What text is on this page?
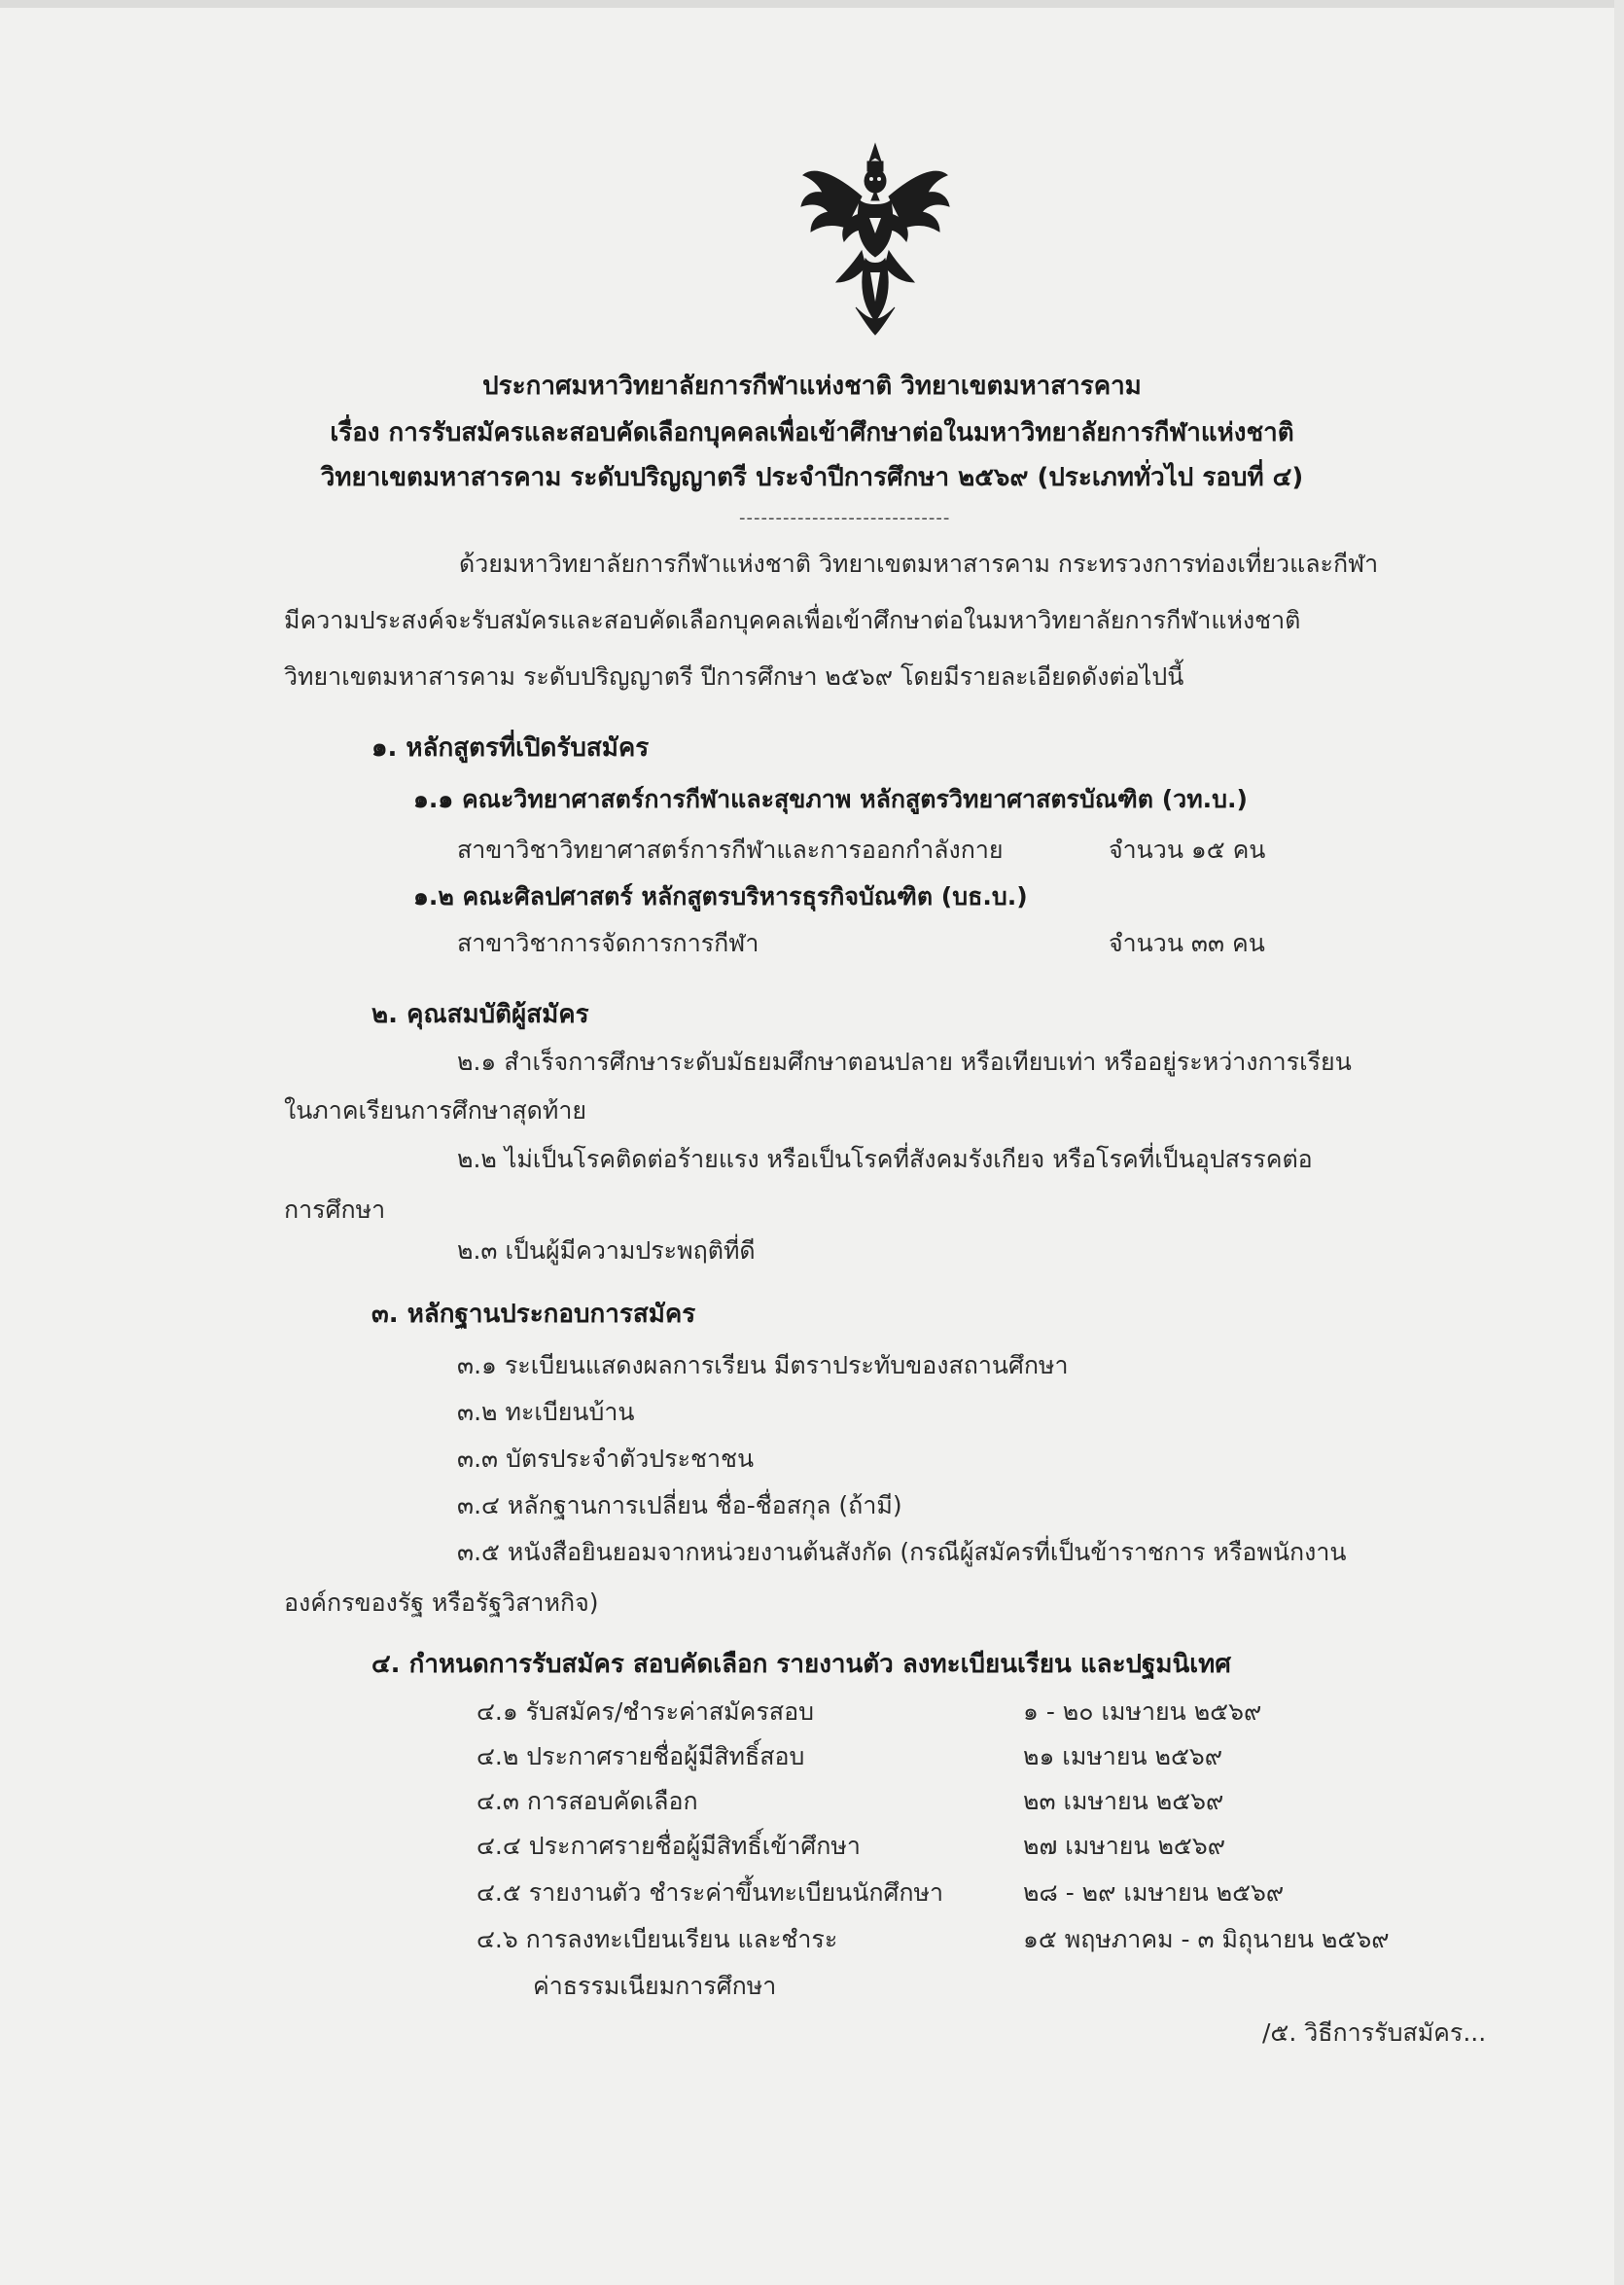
ประกาศมหาวิทยาลัยการกีฬาแห่งชาติ วิทยาเขตมหาสารคาม
เรื่อง การรับสมัครและสอบคัดเลือกบุคคลเพื่อเข้าศึกษาต่อในมหาวิทยาลัยการกีฬาแห่งชาติ
วิทยาเขตมหาสารคาม ระดับปริญญาตรี ประจำปีการศึกษา ๒๕๖๙ (ประเภททั่วไป รอบที่ ๔)
-----------------------------
ด้วยมหาวิทยาลัยการกีฬาแห่งชาติ วิทยาเขตมหาสารคาม กระทรวงการท่องเที่ยวและกีฬา
มีความประสงค์จะรับสมัครและสอบคัดเลือกบุคคลเพื่อเข้าศึกษาต่อในมหาวิทยาลัยการกีฬาแห่งชาติ
วิทยาเขตมหาสารคาม ระดับปริญญาตรี ปีการศึกษา ๒๕๖๙ โดยมีรายละเอียดดังต่อไปนี้
๑. หลักสูตรที่เปิดรับสมัคร
๑.๑ คณะวิทยาศาสตร์การกีฬาและสุขภาพ หลักสูตรวิทยาศาสตรบัณฑิต (วท.บ.)
สาขาวิชาวิทยาศาสตร์การกีฬาและการออกกำลังกาย	จำนวน ๑๕ คน
๑.๒ คณะศิลปศาสตร์ หลักสูตรบริหารธุรกิจบัณฑิต (บธ.บ.)
สาขาวิชาการจัดการการกีฬา	จำนวน ๓๓ คน
๒. คุณสมบัติผู้สมัคร
๒.๑ สำเร็จการศึกษาระดับมัธยมศึกษาตอนปลาย หรือเทียบเท่า หรืออยู่ระหว่างการเรียน
ในภาคเรียนการศึกษาสุดท้าย
๒.๒ ไม่เป็นโรคติดต่อร้ายแรง หรือเป็นโรคที่สังคมรังเกียจ หรือโรคที่เป็นอุปสรรคต่อ
การศึกษา
๒.๓ เป็นผู้มีความประพฤติที่ดี
๓. หลักฐานประกอบการสมัคร
๓.๑ ระเบียนแสดงผลการเรียน มีตราประทับของสถานศึกษา
๓.๒ ทะเบียนบ้าน
๓.๓ บัตรประจำตัวประชาชน
๓.๔ หลักฐานการเปลี่ยน ชื่อ-ชื่อสกุล (ถ้ามี)
๓.๕ หนังสือยินยอมจากหน่วยงานต้นสังกัด (กรณีผู้สมัครที่เป็นข้าราชการ หรือพนักงาน
องค์กรของรัฐ หรือรัฐวิสาหกิจ)
๔. กำหนดการรับสมัคร สอบคัดเลือก รายงานตัว ลงทะเบียนเรียน และปฐมนิเทศ
๔.๑ รับสมัคร/ชำระค่าสมัครสอบ	๑ - ๒๐ เมษายน ๒๕๖๙
๔.๒ ประกาศรายชื่อผู้มีสิทธิ์สอบ	๒๑ เมษายน ๒๕๖๙
๔.๓ การสอบคัดเลือก	๒๓ เมษายน ๒๕๖๙
๔.๔ ประกาศรายชื่อผู้มีสิทธิ์เข้าศึกษา	๒๗ เมษายน ๒๕๖๙
๔.๕ รายงานตัว ชำระค่าขึ้นทะเบียนนักศึกษา	๒๘ - ๒๙ เมษายน ๒๕๖๙
๔.๖ การลงทะเบียนเรียน และชำระ	๑๕ พฤษภาคม - ๓ มิถุนายน ๒๕๖๙
ค่าธรรมเนียมการศึกษา
/๕. วิธีการรับสมัคร...
